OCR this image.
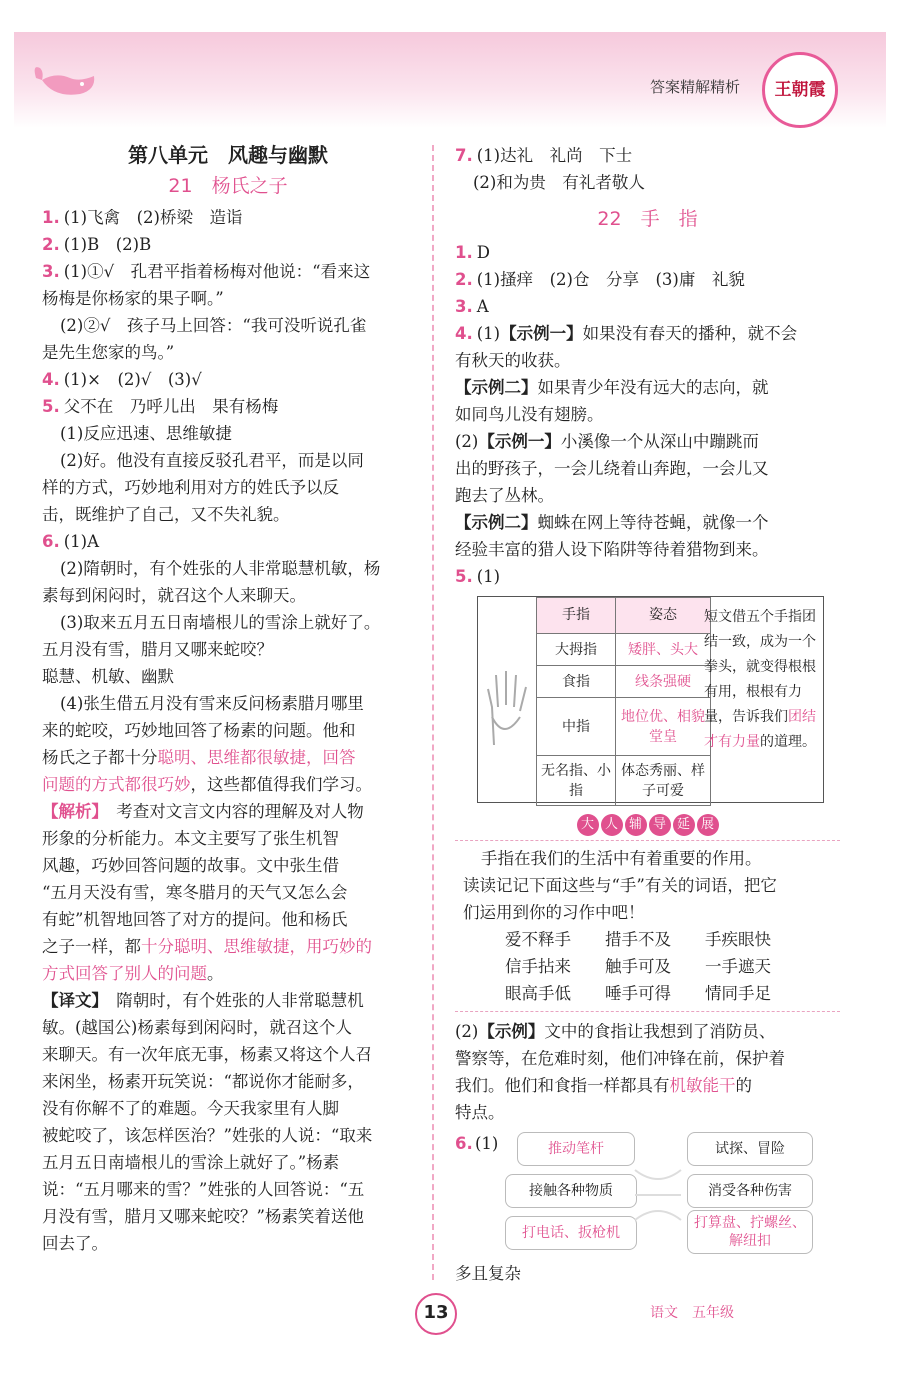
答案精解精析	王朝霞
第八单元　风趣与幽默
21　杨氏之子

1. (1)飞禽　(2)桥梁　造诣

2. (1)B　(2)B

3. (1)①√　孔君平指着杨梅对他说：“看来这

杨梅是你杨家的果子啊。”

(2)②√　孩子马上回答：“我可没听说孔雀

是先生您家的鸟。”

4. (1)×　(2)√　(3)√

5. 父不在　乃呼儿出　果有杨梅

(1)反应迅速、思维敏捷

(2)好。他没有直接反驳孔君平，而是以同

样的方式，巧妙地利用对方的姓氏予以反

击，既维护了自己，又不失礼貌。

6. (1)A

(2)隋朝时，有个姓张的人非常聪慧机敏，杨

素每到闲闷时，就召这个人来聊天。

(3)取来五月五日南墙根儿的雪涂上就好了。

五月没有雪，腊月又哪来蛇咬？

聪慧、机敏、幽默

(4)张生借五月没有雪来反问杨素腊月哪里

来的蛇咬，巧妙地回答了杨素的问题。他和

杨氏之子都十分聪明、思维都很敏捷，回答

问题的方式都很巧妙，这些都值得我们学习。

【解析】　考查对文言文内容的理解及对人物

形象的分析能力。本文主要写了张生机智

风趣，巧妙回答问题的故事。文中张生借

“五月天没有雪，寒冬腊月的天气又怎么会

有蛇”机智地回答了对方的提问。他和杨氏

之子一样，都十分聪明、思维敏捷，用巧妙的

方式回答了别人的问题。

【译文】　隋朝时，有个姓张的人非常聪慧机

敏。(越国公)杨素每到闲闷时，就召这个人

来聊天。有一次年底无事，杨素又将这个人召

来闲坐，杨素开玩笑说：“都说你才能耐多，

没有你解不了的难题。今天我家里有人脚

被蛇咬了，该怎样医治？”姓张的人说：“取来

五月五日南墙根儿的雪涂上就好了。”杨素

说：“五月哪来的雪？”姓张的人回答说：“五

月没有雪，腊月又哪来蛇咬？”杨素笑着送他

回去了。

7. (1)达礼　礼尚　下士

(2)和为贵　有礼者敬人

22　手　指

1. D

2. (1)搔痒　(2)仓　分享　(3)庸　礼貌

3. A

4. (1)【示例一】如果没有春天的播种，就不会

有秋天的收获。

【示例二】如果青少年没有远大的志向，就

如同鸟儿没有翅膀。

(2)【示例一】小溪像一个从深山中蹦跳而

出的野孩子，一会儿绕着山奔跑，一会儿又

跑去了丛林。

【示例二】蜘蛛在网上等待苍蝇，就像一个

经验丰富的猎人设下陷阱等待着猎物到来。

5. (1)

手指	姿态
大拇指	矮胖、头大
食指	线条强硬
中指	地位优、相貌堂皇
无名指、小指	体态秀丽、样子可爱
短文借五个手指团结一致，成为一个拳头，就变得根根有用，根根有力量，告诉我们团结才有力量的道理。
大 人 辅 导 延 展

手指在我们的生活中有着重要的作用。

读读记记下面这些与“手”有关的词语，把它

们运用到你的习作中吧！

爱不释手	措手不及	手疾眼快
信手拈来	触手可及	一手遮天
眼高手低	唾手可得	情同手足

(2)【示例】文中的食指让我想到了消防员、

警察等，在危难时刻，他们冲锋在前，保护着

我们。他们和食指一样都具有机敏能干的

特点。

6. (1)	推动笔杆	试探、冒险
接触各种物质	消受各种伤害
打电话、扳枪机
打算盘、拧螺丝、解纽扣

多且复杂

13	语文　五年级
